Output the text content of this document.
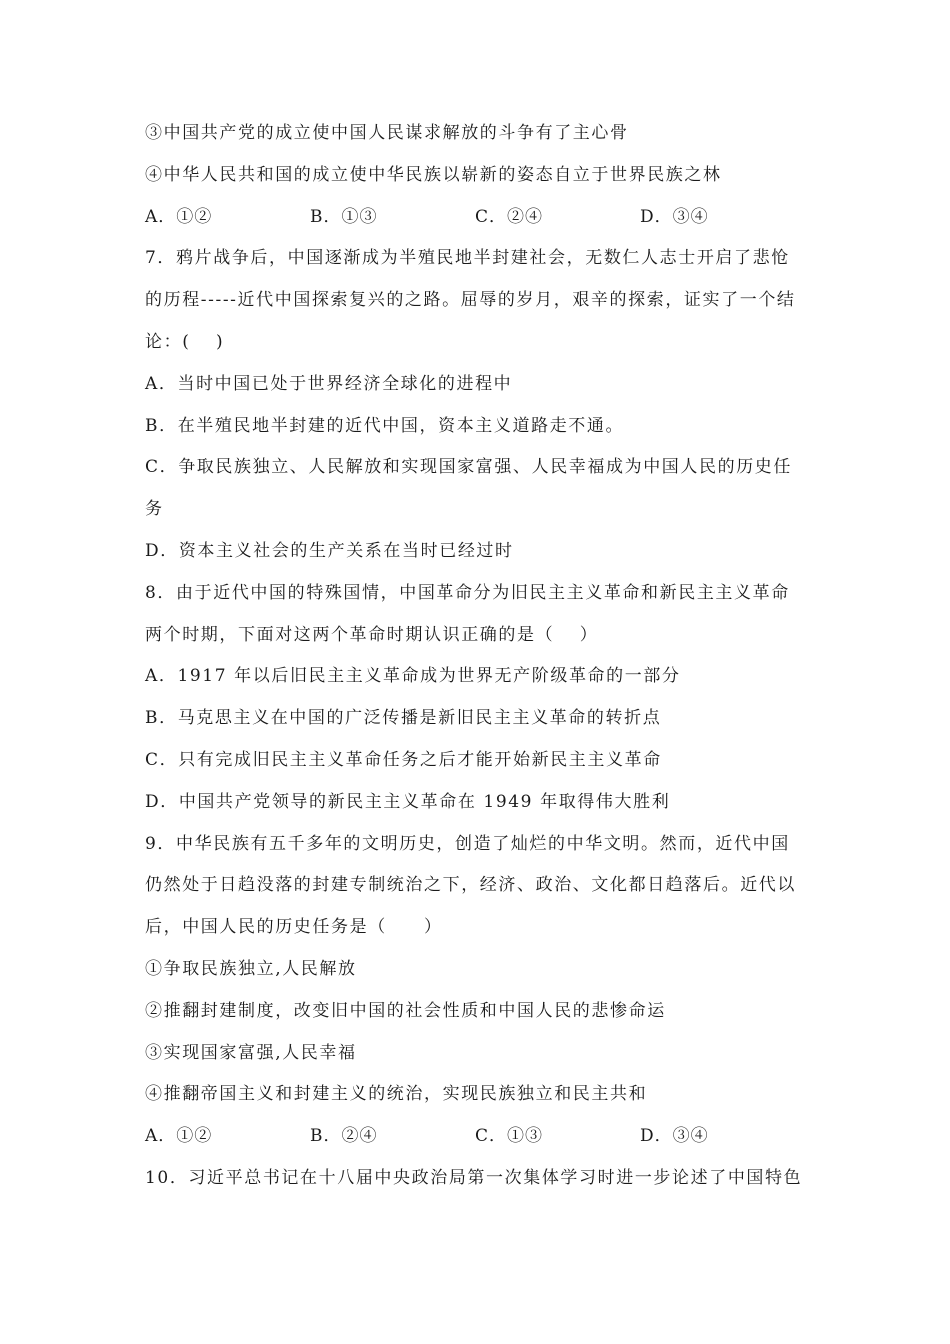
③中国共产党的成立使中国人民谋求解放的斗争有了主心骨
④中华人民共和国的成立使中华民族以崭新的姿态自立于世界民族之林
A．①②	B．①③	C．②④	D．③④
7．鸦片战争后，中国逐渐成为半殖民地半封建社会，无数仁人志士开启了悲怆
的历程-----近代中国探索复兴的之路。屈辱的岁月，艰辛的探索，证实了一个结
论：(　 )
A．当时中国已处于世界经济全球化的进程中
B．在半殖民地半封建的近代中国，资本主义道路走不通。
C．争取民族独立、人民解放和实现国家富强、人民幸福成为中国人民的历史任
务
D．资本主义社会的生产关系在当时已经过时
8．由于近代中国的特殊国情，中国革命分为旧民主主义革命和新民主主义革命
两个时期，下面对这两个革命时期认识正确的是（　 ）
A．1917 年以后旧民主主义革命成为世界无产阶级革命的一部分
B．马克思主义在中国的广泛传播是新旧民主主义革命的转折点
C．只有完成旧民主主义革命任务之后才能开始新民主主义革命
D．中国共产党领导的新民主主义革命在 1949 年取得伟大胜利
9．中华民族有五千多年的文明历史，创造了灿烂的中华文明。然而，近代中国
仍然处于日趋没落的封建专制统治之下，经济、政治、文化都日趋落后。近代以
后，中国人民的历史任务是（　　）
①争取民族独立,人民解放
②推翻封建制度，改变旧中国的社会性质和中国人民的悲惨命运
③实现国家富强,人民幸福
④推翻帝国主义和封建主义的统治，实现民族独立和民主共和
A．①②	B．②④	C．①③	D．③④
10．习近平总书记在十八届中央政治局第一次集体学习时进一步论述了中国特色
